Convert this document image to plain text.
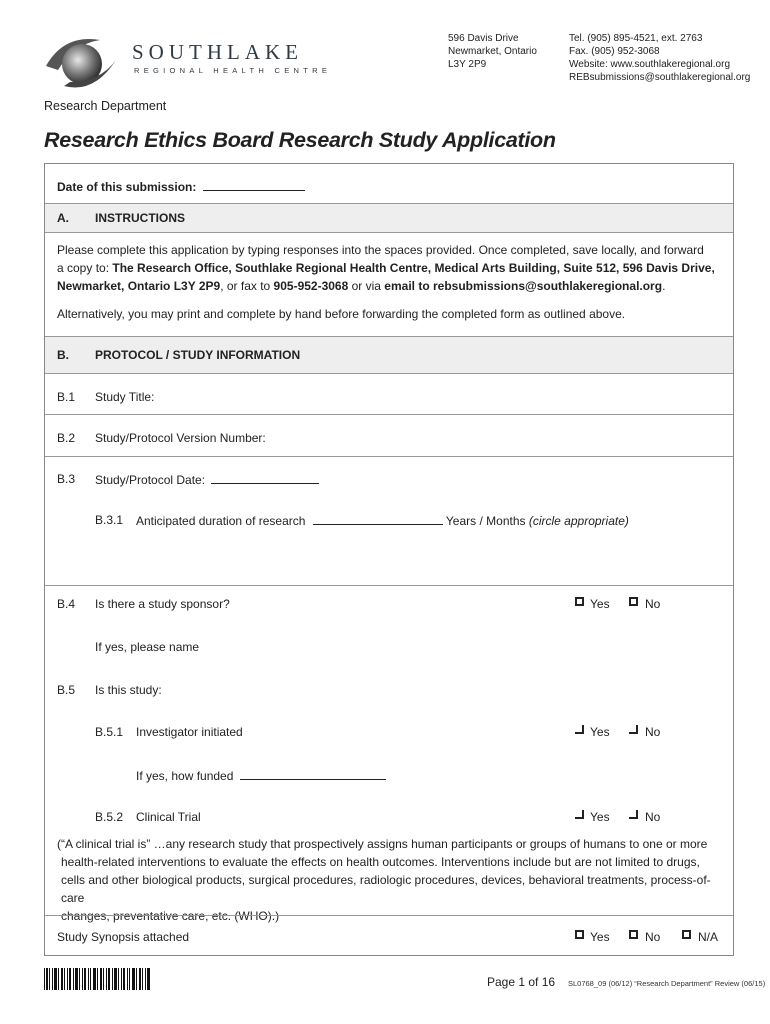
SOUTHLAKE
REGIONAL HEALTH CENTRE
596 Davis Drive
Newmarket, Ontario
L3Y 2P9
Tel. (905) 895-4521, ext. 2763
Fax. (905) 952-3068
Website: www.southlakeregional.org
REBsubmissions@southlakeregional.org
Research Department
Research Ethics Board Research Study Application
Date of this submission:
A. INSTRUCTIONS
Please complete this application by typing responses into the spaces provided. Once completed, save locally, and forward
a copy to: The Research Office, Southlake Regional Health Centre, Medical Arts Building, Suite 512, 596 Davis Drive,
Newmarket, Ontario L3Y 2P9, or fax to 905-952-3068 or via email to rebsubmissions@southlakeregional.org.
Alternatively, you may print and complete by hand before forwarding the completed form as outlined above.
B. PROTOCOL / STUDY INFORMATION
B.1 Study Title:
B.2 Study/Protocol Version Number:
B.3 Study/Protocol Date:
B.3.1 Anticipated duration of research	Years / Months (circle appropriate)
B.4 Is there a study sponsor?	Yes	No
If yes, please name
B.5 Is this study:
B.5.1 Investigator initiated	Yes	No
If yes, how funded
B.5.2 Clinical Trial	Yes	No
(“A clinical trial is” …any research study that prospectively assigns human participants or groups of humans to one or more
health-related interventions to evaluate the effects on health outcomes. Interventions include but are not limited to drugs,
cells and other biological products, surgical procedures, radiologic procedures, devices, behavioral treatments, process-of-care
changes, preventative care, etc. (WHO).)
Study Synopsis attached	Yes	No	N/A
Page 1 of 16 SL0768_09 (06/12) “Research Department” Review (06/15)
